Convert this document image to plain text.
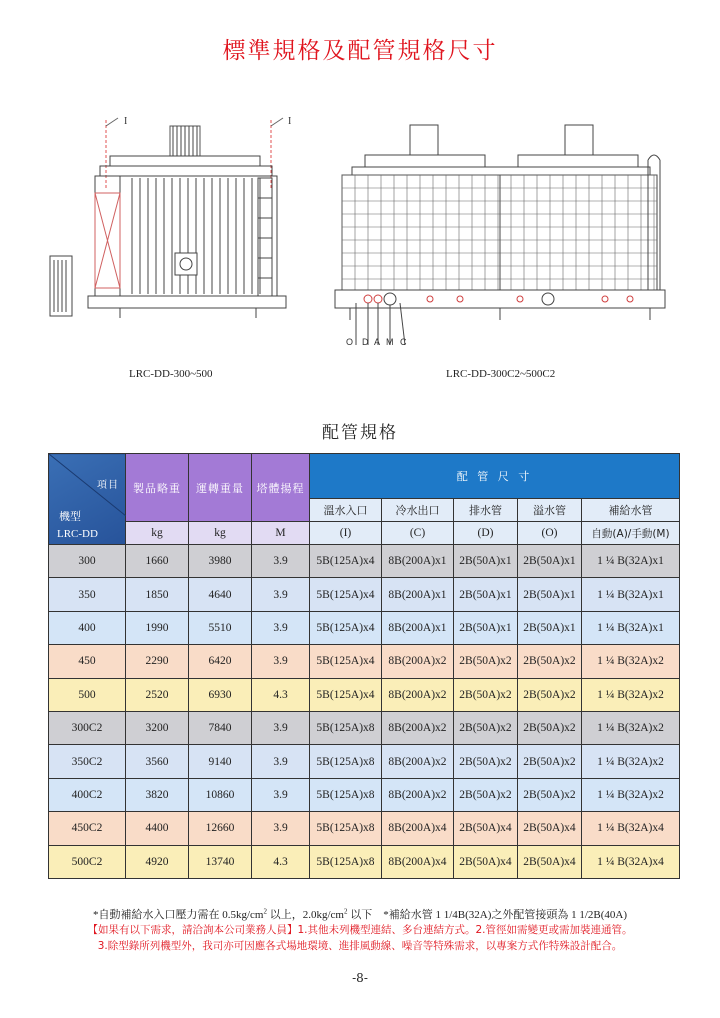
標準規格及配管規格尺寸
I	I
O D A M C
LRC-DD-300~500	LRC-DD-300C2~500C2
配管規格
項目
機型
LRC-DD	製品略重	運轉重量	塔體揚程	配 管 尺 寸				
				溫水入口	冷水出口	排水管	溢水管	補給水管
	kg	kg	M	(I)	(C)	(D)	(O)	自動(A)/手動(M)
300	1660	3980	3.9	5B(125A)x4	8B(200A)x1	2B(50A)x1	2B(50A)x1	1 ¼ B(32A)x1
350	1850	4640	3.9	5B(125A)x4	8B(200A)x1	2B(50A)x1	2B(50A)x1	1 ¼ B(32A)x1
400	1990	5510	3.9	5B(125A)x4	8B(200A)x1	2B(50A)x1	2B(50A)x1	1 ¼ B(32A)x1
450	2290	6420	3.9	5B(125A)x4	8B(200A)x2	2B(50A)x2	2B(50A)x2	1 ¼ B(32A)x2
500	2520	6930	4.3	5B(125A)x4	8B(200A)x2	2B(50A)x2	2B(50A)x2	1 ¼ B(32A)x2
300C2	3200	7840	3.9	5B(125A)x8	8B(200A)x2	2B(50A)x2	2B(50A)x2	1 ¼ B(32A)x2
350C2	3560	9140	3.9	5B(125A)x8	8B(200A)x2	2B(50A)x2	2B(50A)x2	1 ¼ B(32A)x2
400C2	3820	10860	3.9	5B(125A)x8	8B(200A)x2	2B(50A)x2	2B(50A)x2	1 ¼ B(32A)x2
450C2	4400	12660	3.9	5B(125A)x8	8B(200A)x4	2B(50A)x4	2B(50A)x4	1 ¼ B(32A)x4
500C2	4920	13740	4.3	5B(125A)x8	8B(200A)x4	2B(50A)x4	2B(50A)x4	1 ¼ B(32A)x4
*自動補給水入口壓力需在 $0.5kg/cm^2$ 以上，$2.0kg/cm^2$ 以下　*補給水管 1 1/4B(32A)之外配管接頭為 1 1/2B(40A)
【如果有以下需求，請洽詢本公司業務人員】1.其他未列機型連結、多台連結方式。2.管徑如需變更或需加裝連通管。
3.除型錄所列機型外，我司亦可因應各式場地環境、進排風動線、噪音等特殊需求，以專案方式作特殊設計配合。
-8-
